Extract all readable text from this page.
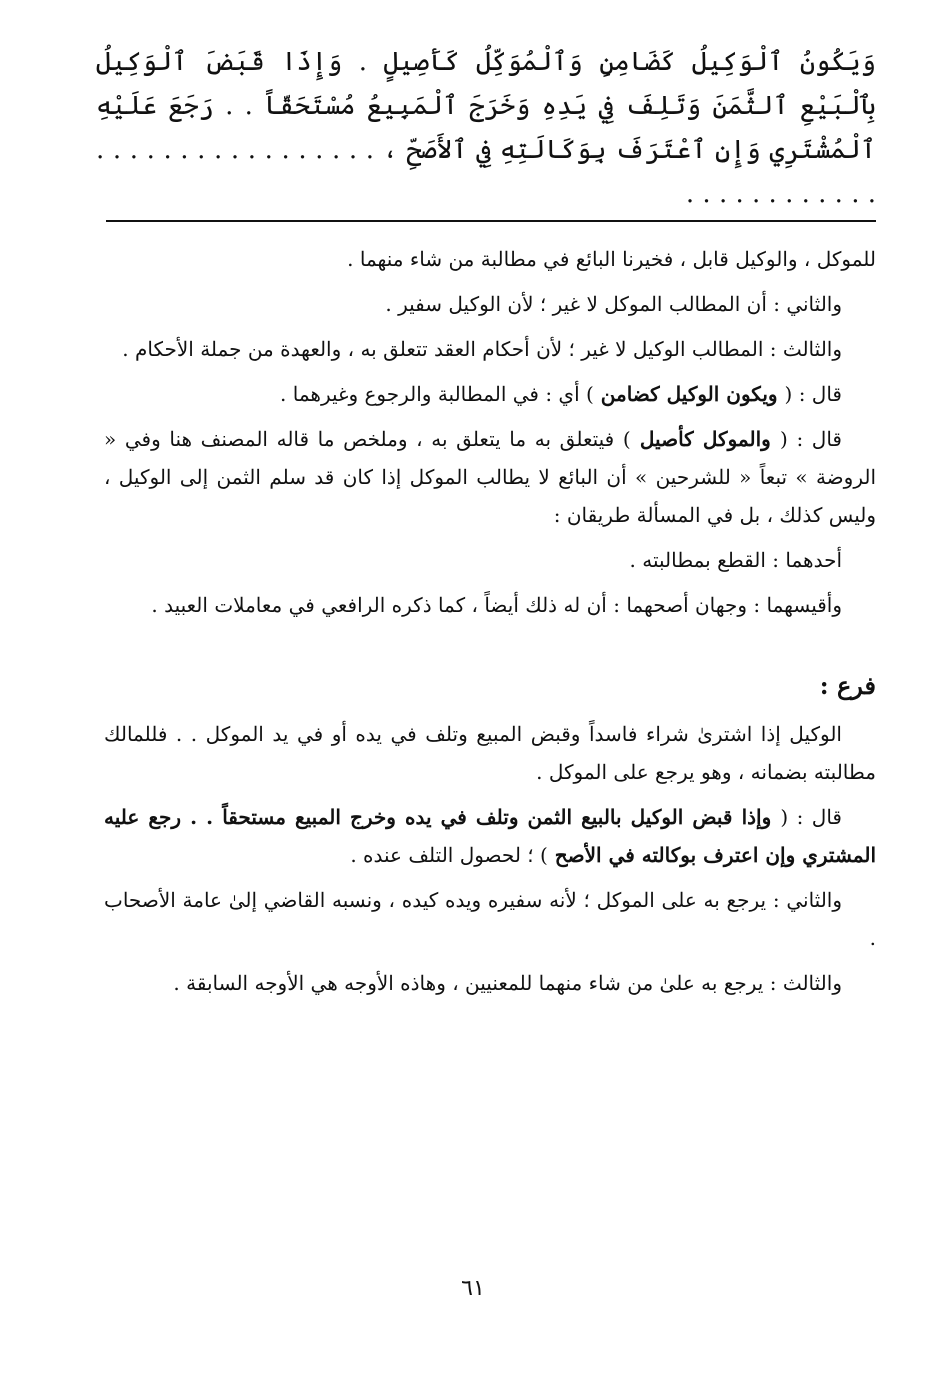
وَيَكُونُ ٱلْوَكِيلُ كَضَامِنٍ وَٱلْمُوَكِّلُ كَأَصِيلٍ . وَإِذَا قَبَضَ ٱلْوَكِيلُ بِٱلْبَيْعِ ٱلثَّمَنَ وَتَلِفَ فِي يَدِهِ وَخَرَجَ ٱلْمَبِيعُ مُسْتَحَقّاً . . رَجَعَ عَلَيْهِ ٱلْمُشْتَرِي وَإِنِ ٱعْتَرَفَ بِوَكَالَتِهِ فِي ٱلأَصَحِّ ، . . . . . . . . . . . . . . . . . . . . . . . . . . . . .

للموكل ، والوكيل قابل ، فخيرنا البائع في مطالبة من شاء منهما .

والثاني : أن المطالب الموكل لا غير ؛ لأن الوكيل سفير .

والثالث : المطالب الوكيل لا غير ؛ لأن أحكام العقد تتعلق به ، والعهدة من جملة الأحكام .

قال : ( ويكون الوكيل كضامن ) أي : في المطالبة والرجوع وغيرهما .

قال : ( والموكل كأصيل ) فيتعلق به ما يتعلق به ، وملخص ما قاله المصنف هنا وفي « الروضة » تبعاً « للشرحين » أن البائع لا يطالب الموكل إذا كان قد سلم الثمن إلى الوكيل ، وليس كذلك ، بل في المسألة طريقان :

أحدهما : القطع بمطالبته .

وأقيسهما : وجهان أصحهما : أن له ذلك أيضاً ، كما ذكره الرافعي في معاملات العبيد .

فرع :

الوكيل إذا اشترىٰ شراء فاسداً وقبض المبيع وتلف في يده أو في يد الموكل . . فللمالك مطالبته بضمانه ، وهو يرجع على الموكل .

قال : ( وإذا قبض الوكيل بالبيع الثمن وتلف في يده وخرج المبيع مستحقاً . . رجع عليه المشتري وإن اعترف بوكالته في الأصح ) ؛ لحصول التلف عنده .

والثاني : يرجع به على الموكل ؛ لأنه سفيره ويده كيده ، ونسبه القاضي إلىٰ عامة الأصحاب .

والثالث : يرجع به علىٰ من شاء منهما للمعنيين ، وهاذه الأوجه هي الأوجه السابقة .

٦١
